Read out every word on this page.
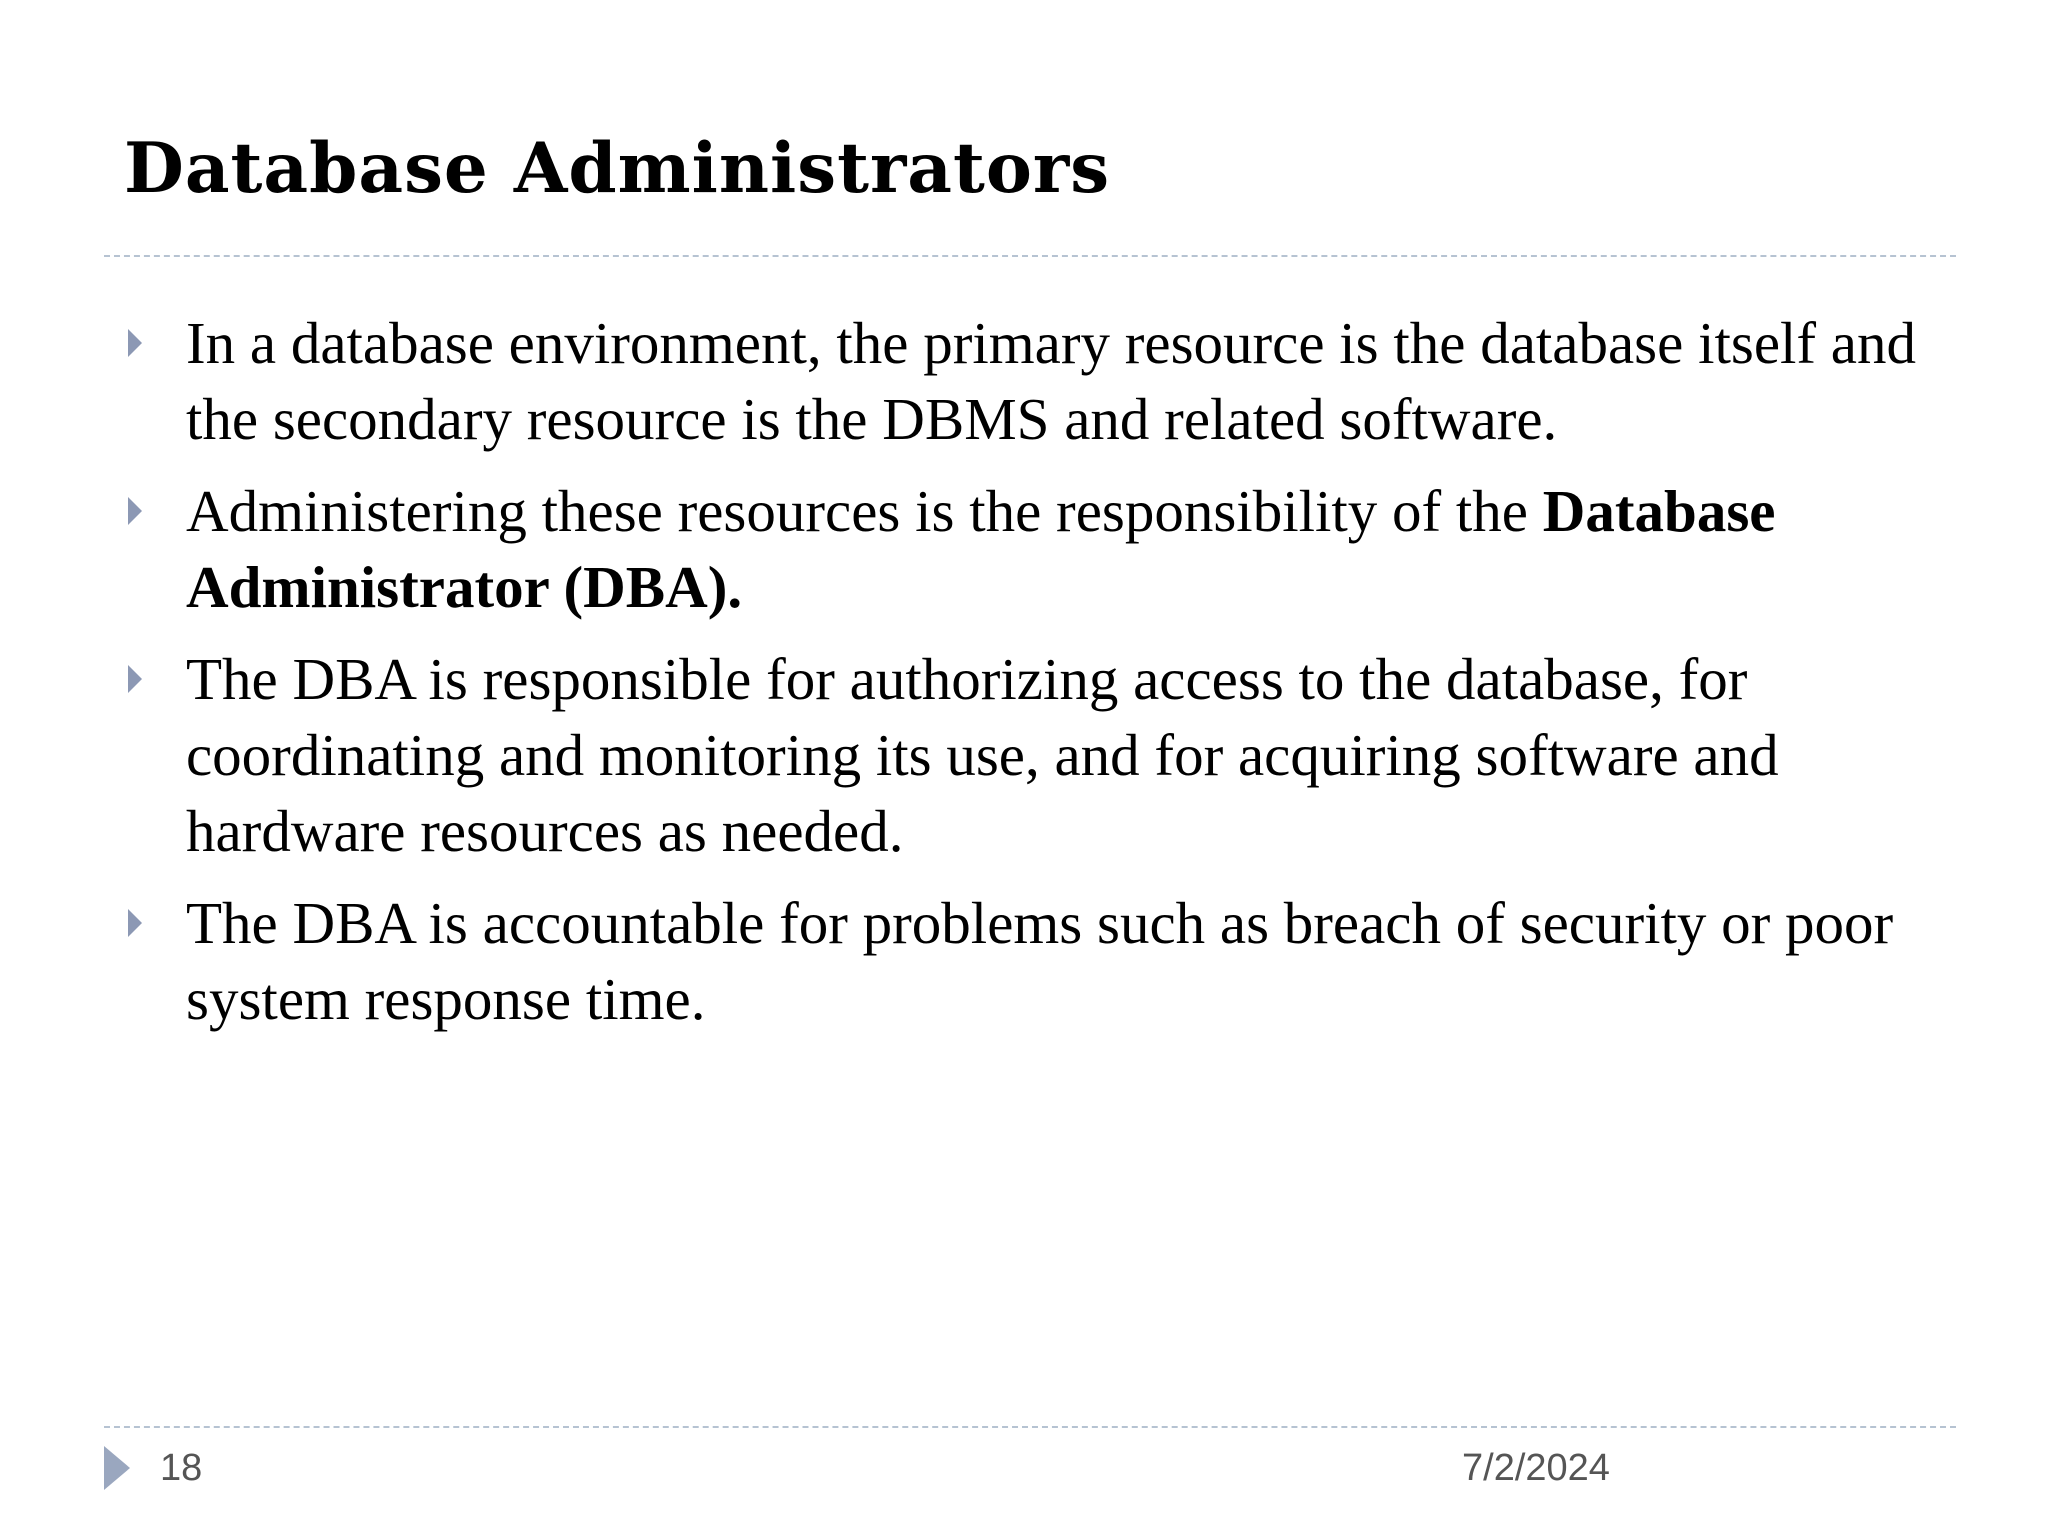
Database Administrators
In a database environment, the primary resource is the database itself and the secondary resource is the DBMS and related software.
Administering these resources is the responsibility of the Database Administrator (DBA).
The DBA is responsible for authorizing access to the database, for coordinating and monitoring its use, and for acquiring software and hardware resources as needed.
The DBA is accountable for problems such as breach of security or poor system response time.
18	7/2/2024
